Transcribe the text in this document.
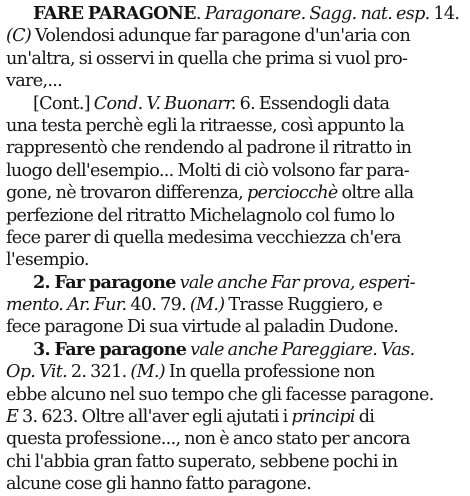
FARE PARAGONE. Paragonare. Sagg. nat. esp. 14.
(C) Volendosi adunque far paragone d'un'aria con
un'altra, si osservi in quella che prima si vuol pro-
vare,...
[Cont.] Cond. V. Buonarr. 6. Essendogli data
una testa perchè egli la ritraesse, così appunto la
rappresentò che rendendo al padrone il ritratto in
luogo dell'esempio... Molti di ciò volsono far para-
gone, nè trovaron differenza, perciocchè oltre alla
perfezione del ritratto Michelagnolo col fumo lo
fece parer di quella medesima vecchiezza ch'era
l'esempio.
2. Far paragone vale anche Far prova, esperi-
mento. Ar. Fur. 40. 79. (M.) Trasse Ruggiero, e
fece paragone Di sua virtude al paladin Dudone.
3. Fare paragone vale anche Pareggiare. Vas.
Op. Vit. 2. 321. (M.) In quella professione non
ebbe alcuno nel suo tempo che gli facesse paragone.
E 3. 623. Oltre all'aver egli ajutati i principi di
questa professione..., non è anco stato per ancora
chi l'abbia gran fatto superato, sebbene pochi in
alcune cose gli hanno fatto paragone.
